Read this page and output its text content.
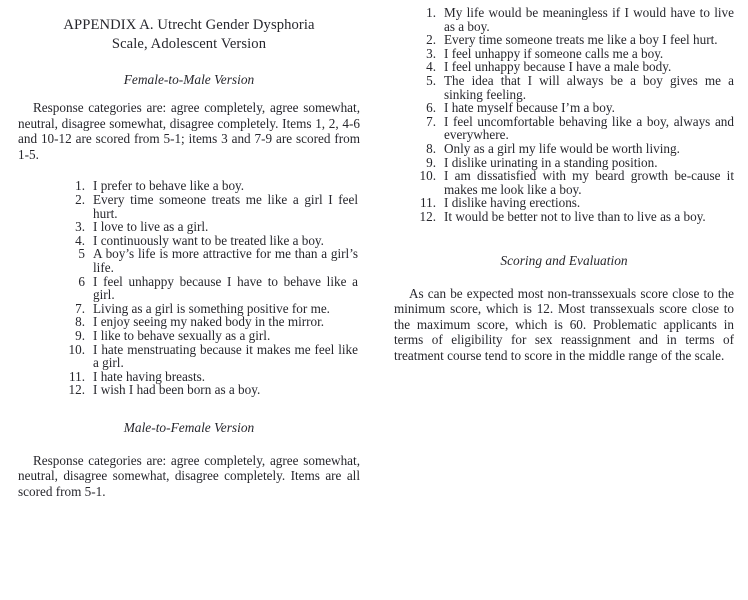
APPENDIX A. Utrecht Gender Dysphoria
Scale, Adolescent Version
Female-to-Male Version

Response categories are: agree completely, agree somewhat, neutral, disagree somewhat, disagree completely. Items 1, 2, 4-6 and 10-12 are scored from 5-1; items 3 and 7-9 are scored from 1-5.

1. I prefer to behave like a boy.
2. Every time someone treats me like a girl I feel hurt.
3. I love to live as a girl.
4. I continuously want to be treated like a boy.
5 A boy’s life is more attractive for me than a girl’s life.
6 I feel unhappy because I have to behave like a girl.
7. Living as a girl is something positive for me.
8. I enjoy seeing my naked body in the mirror.
9. I like to behave sexually as a girl.
10. I hate menstruating because it makes me feel like a girl.
11. I hate having breasts.
12. I wish I had been born as a boy.
Male-to-Female Version

Response categories are: agree completely, agree somewhat, neutral, disagree somewhat, disagree completely. Items are all scored from 5-1.

1. My life would be meaningless if I would have to live as a boy.
2. Every time someone treats me like a boy I feel hurt.
3. I feel unhappy if someone calls me a boy.
4. I feel unhappy because I have a male body.
5. The idea that I will always be a boy gives me a sinking feeling.
6. I hate myself because I’m a boy.
7. I feel uncomfortable behaving like a boy, always and everywhere.
8. Only as a girl my life would be worth living.
9. I dislike urinating in a standing position.
10. I am dissatisfied with my beard growth be-cause it makes me look like a boy.
11. I dislike having erections.
12. It would be better not to live than to live as a boy.
Scoring and Evaluation

As can be expected most non-transsexuals score close to the minimum score, which is 12. Most transsexuals score close to the maximum score, which is 60. Problematic applicants in terms of eligibility for sex reassignment and in terms of treatment course tend to score in the middle range of the scale.
